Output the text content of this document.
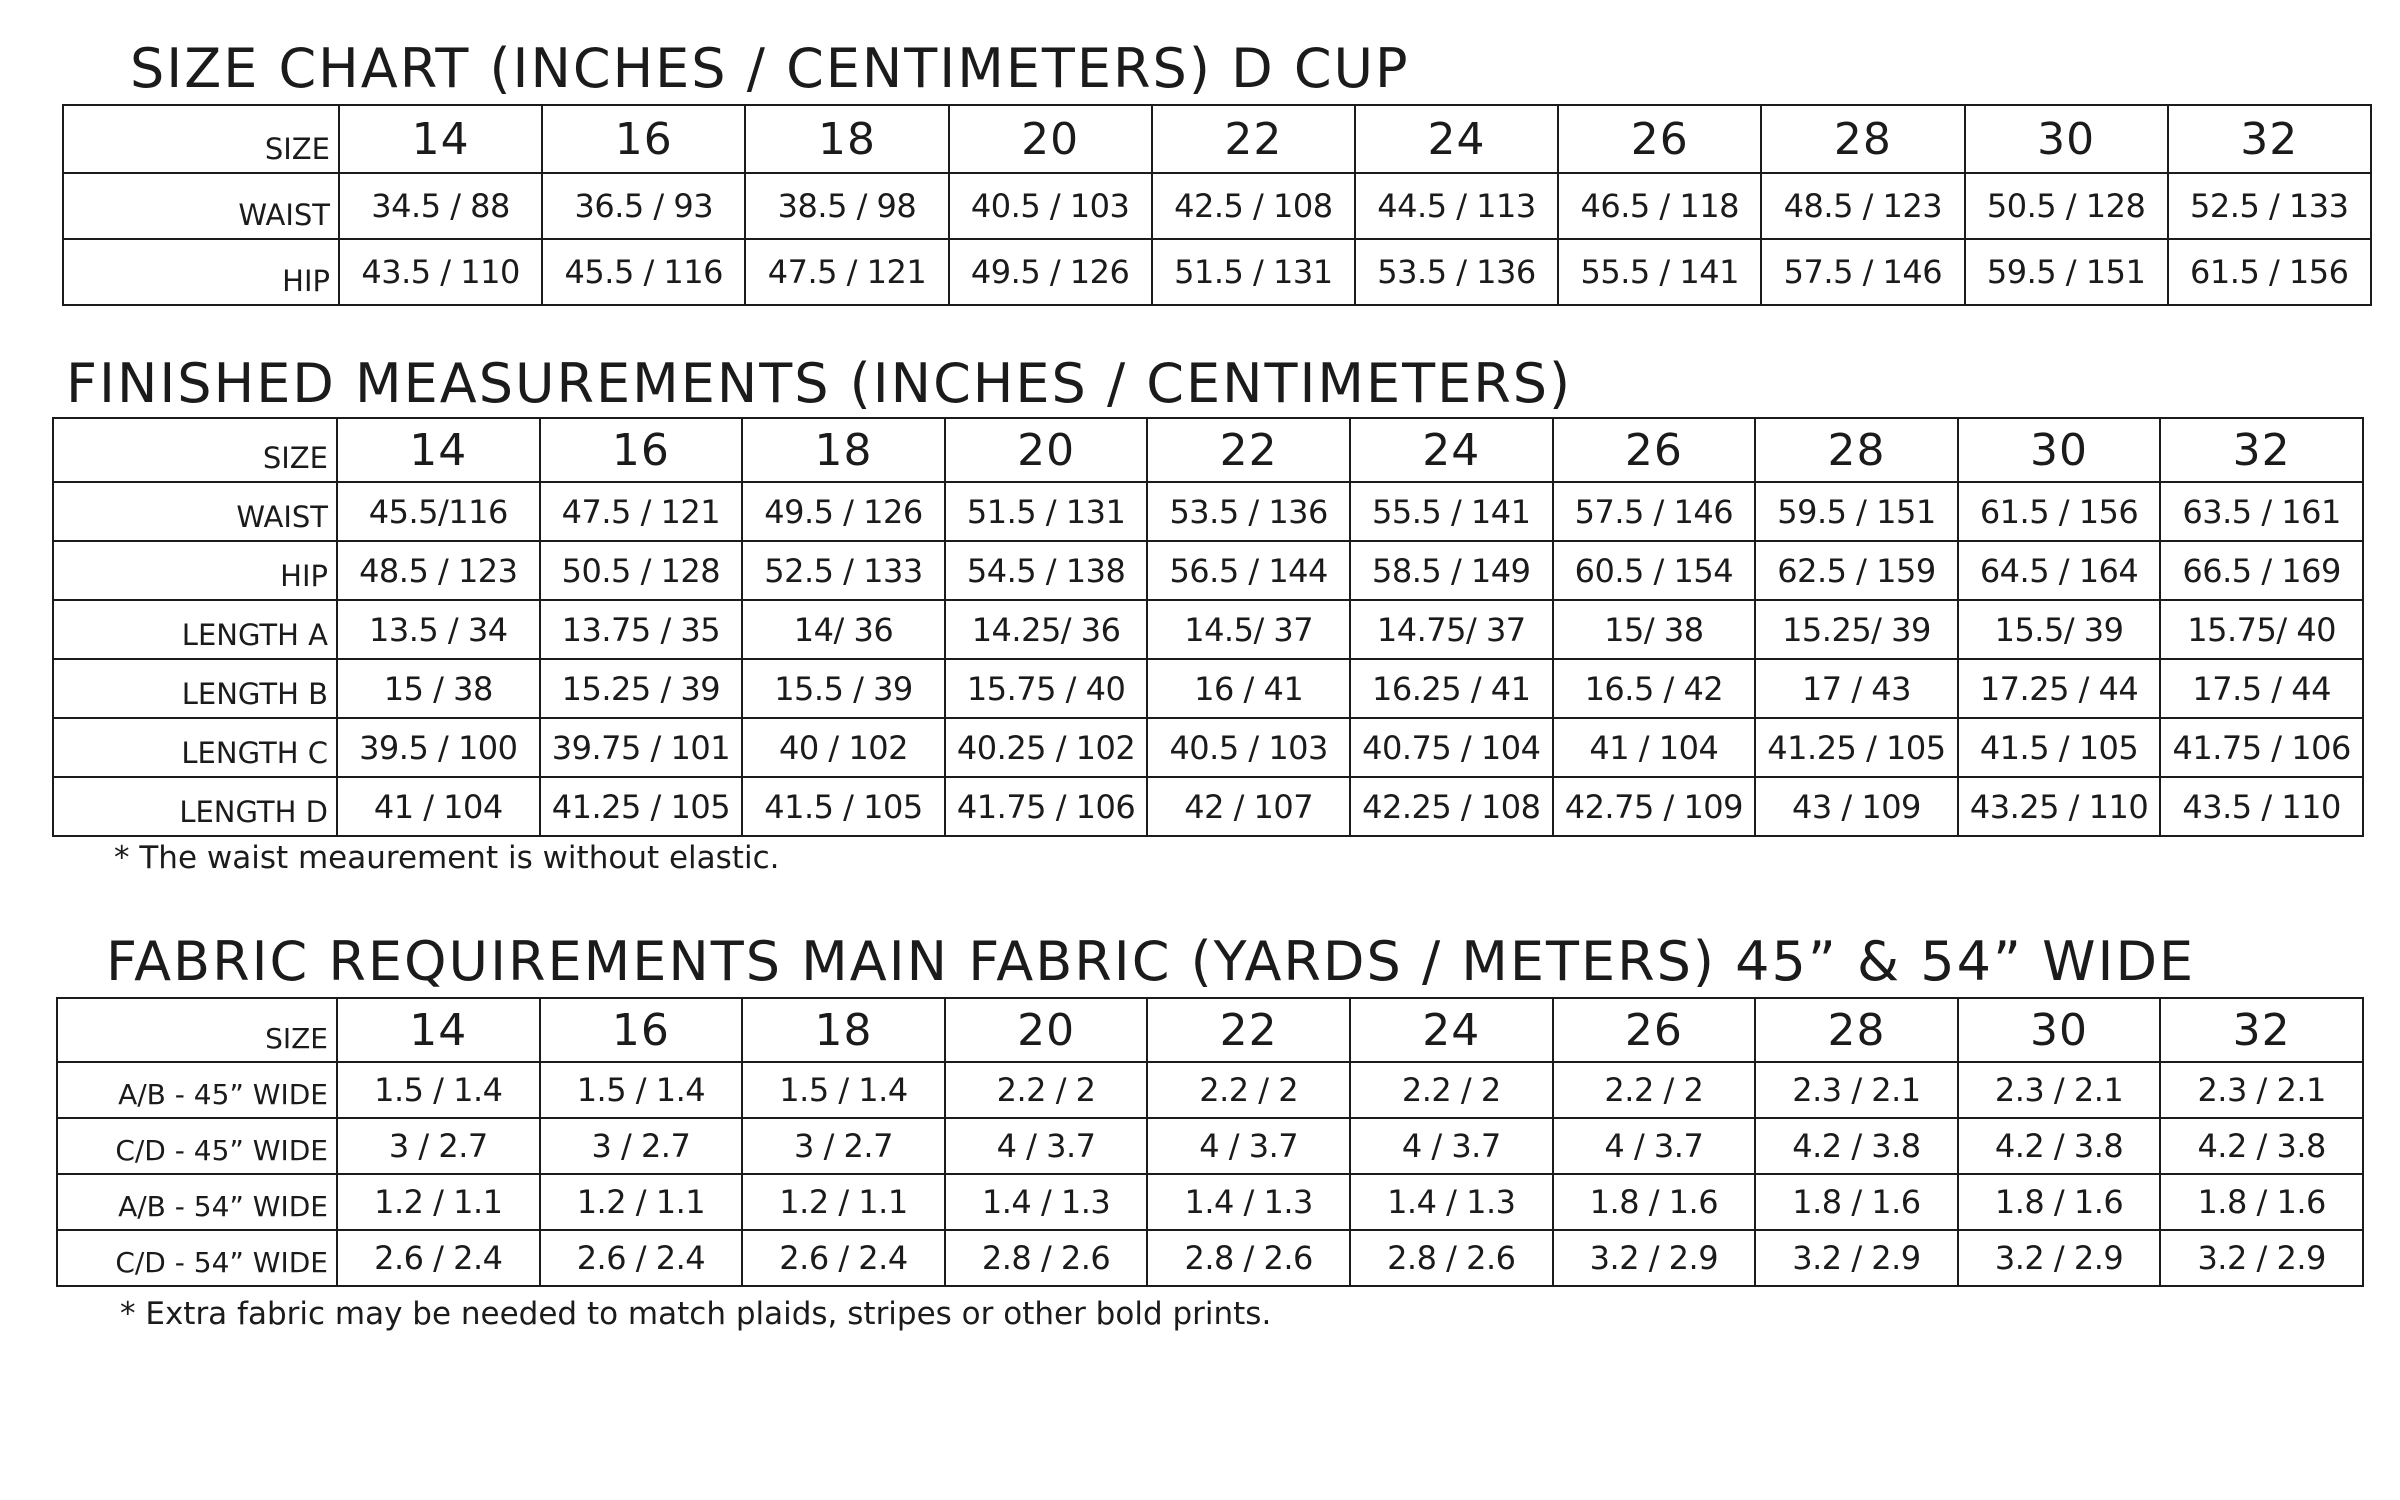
SIZE CHART (INCHES / CENTIMETERS) D CUP
SIZE	14	16	18	20	22	24	26	28	30	32
WAIST	34.5 / 88	36.5 / 93	38.5 / 98	40.5 / 103	42.5 / 108	44.5 / 113	46.5 / 118	48.5 / 123	50.5 / 128	52.5 / 133
HIP	43.5 / 110	45.5 / 116	47.5 / 121	49.5 / 126	51.5 / 131	53.5 / 136	55.5 / 141	57.5 / 146	59.5 / 151	61.5 / 156
FINISHED MEASUREMENTS (INCHES / CENTIMETERS)
SIZE	14	16	18	20	22	24	26	28	30	32
WAIST	45.5/116	47.5 / 121	49.5 / 126	51.5 / 131	53.5 / 136	55.5 / 141	57.5 / 146	59.5 / 151	61.5 / 156	63.5 / 161
HIP	48.5 / 123	50.5 / 128	52.5 / 133	54.5 / 138	56.5 / 144	58.5 / 149	60.5 / 154	62.5 / 159	64.5 / 164	66.5 / 169
LENGTH A	13.5 / 34	13.75 / 35	14/ 36	14.25/ 36	14.5/ 37	14.75/ 37	15/ 38	15.25/ 39	15.5/ 39	15.75/ 40
LENGTH B	15 / 38	15.25 / 39	15.5 / 39	15.75 / 40	16 / 41	16.25 / 41	16.5 / 42	17 / 43	17.25 / 44	17.5 / 44
LENGTH C	39.5 / 100	39.75 / 101	40 / 102	40.25 / 102	40.5 / 103	40.75 / 104	41 / 104	41.25 / 105	41.5 / 105	41.75 / 106
LENGTH D	41 / 104	41.25 / 105	41.5 / 105	41.75 / 106	42 / 107	42.25 / 108	42.75 / 109	43 / 109	43.25 / 110	43.5 / 110

* The waist meaurement is without elastic.

FABRIC REQUIREMENTS MAIN FABRIC (YARDS / METERS) 45” & 54” WIDE
SIZE	14	16	18	20	22	24	26	28	30	32
A/B - 45” WIDE	1.5 / 1.4	1.5 / 1.4	1.5 / 1.4	2.2 / 2	2.2 / 2	2.2 / 2	2.2 / 2	2.3 / 2.1	2.3 / 2.1	2.3 / 2.1
C/D - 45” WIDE	3 / 2.7	3 / 2.7	3 / 2.7	4 / 3.7	4 / 3.7	4 / 3.7	4 / 3.7	4.2 / 3.8	4.2 / 3.8	4.2 / 3.8
A/B - 54” WIDE	1.2 / 1.1	1.2 / 1.1	1.2 / 1.1	1.4 / 1.3	1.4 / 1.3	1.4 / 1.3	1.8 / 1.6	1.8 / 1.6	1.8 / 1.6	1.8 / 1.6
C/D - 54” WIDE	2.6 / 2.4	2.6 / 2.4	2.6 / 2.4	2.8 / 2.6	2.8 / 2.6	2.8 / 2.6	3.2 / 2.9	3.2 / 2.9	3.2 / 2.9	3.2 / 2.9

* Extra fabric may be needed to match plaids, stripes or other bold prints.
